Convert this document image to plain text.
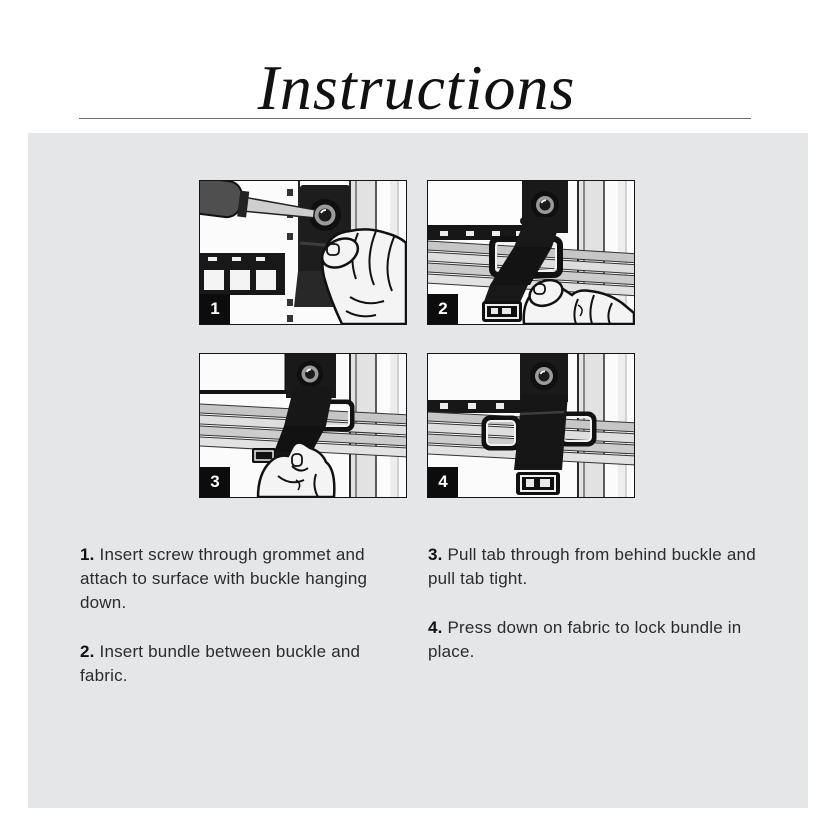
Instructions
1	2
3	4

1. Insert screw through grommet and attach to surface with buckle hanging down.

2. Insert bundle between buckle and fabric.

3. Pull tab through from behind buckle and pull tab tight.

4. Press down on fabric to lock bundle in place.
